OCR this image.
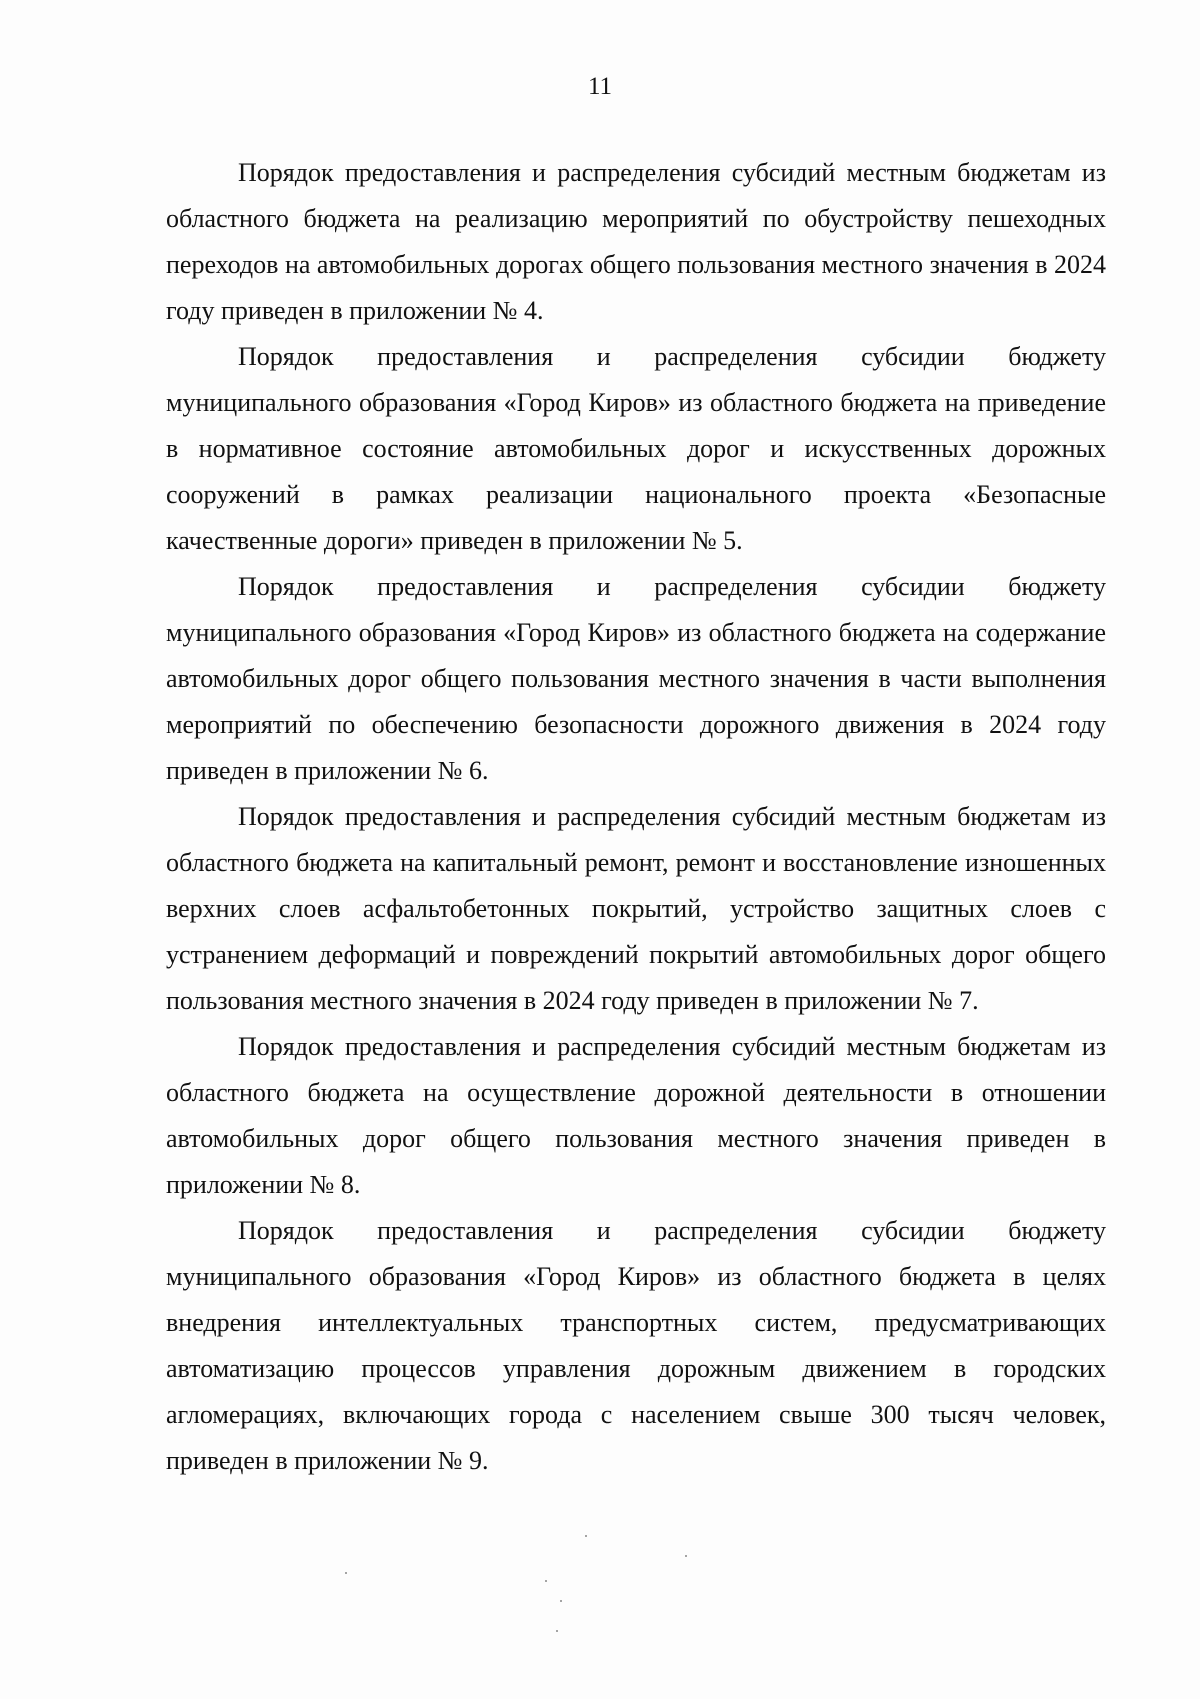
11

Порядок предоставления и распределения субсидий местным бюджетам из областного бюджета на реализацию мероприятий по обустройству пешеходных переходов на автомобильных дорогах общего пользования местного значения в 2024 году приведен в приложении № 4.

Порядок предоставления и распределения субсидии бюджету муниципального образования «Город Киров» из областного бюджета на приведение в нормативное состояние автомобильных дорог и искусственных дорожных сооружений в рамках реализации национального проекта «Безопасные качественные дороги» приведен в приложении № 5.

Порядок предоставления и распределения субсидии бюджету муниципального образования «Город Киров» из областного бюджета на содержание автомобильных дорог общего пользования местного значения в части выполнения мероприятий по обеспечению безопасности дорожного движения в 2024 году приведен в приложении № 6.

Порядок предоставления и распределения субсидий местным бюджетам из областного бюджета на капитальный ремонт, ремонт и восстановление изношенных верхних слоев асфальтобетонных покрытий, устройство защитных слоев с устранением деформаций и повреждений покрытий автомобильных дорог общего пользования местного значения в 2024 году приведен в приложении № 7.

Порядок предоставления и распределения субсидий местным бюджетам из областного бюджета на осуществление дорожной деятельности в отношении автомобильных дорог общего пользования местного значения приведен в приложении № 8.

Порядок предоставления и распределения субсидии бюджету муниципального образования «Город Киров» из областного бюджета в целях внедрения интеллектуальных транспортных систем, предусматривающих автоматизацию процессов управления дорожным движением в городских агломерациях, включающих города с населением свыше 300 тысяч человек, приведен в приложении № 9.
